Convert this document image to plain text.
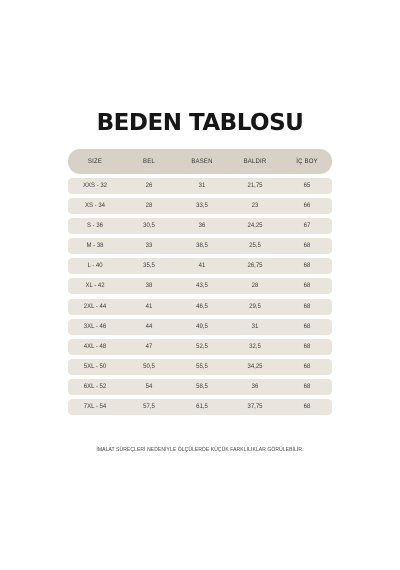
BEDEN TABLOSU
SIZE	BEL	BASEN	BALDIR	İÇ BOY
XXS - 32	26	31	21,75	65
XS - 34	28	33,5	23	66
S - 36	30,5	36	24,25	67
M - 38	33	38,5	25,5	68
L - 40	35,5	41	26,75	68
XL - 42	38	43,5	28	68
2XL - 44	41	46,5	29,5	68
3XL - 46	44	49,5	31	68
4XL - 48	47	52,5	32,5	68
5XL - 50	50,5	55,5	34,25	68
6XL - 52	54	58,5	36	68
7XL - 54	57,5	61,5	37,75	68
İMALAT SÜREÇLERİ NEDENİYLE ÖLÇÜLERDE KÜÇÜK FARKLILIKLAR GÖRÜLEBİLİR.
